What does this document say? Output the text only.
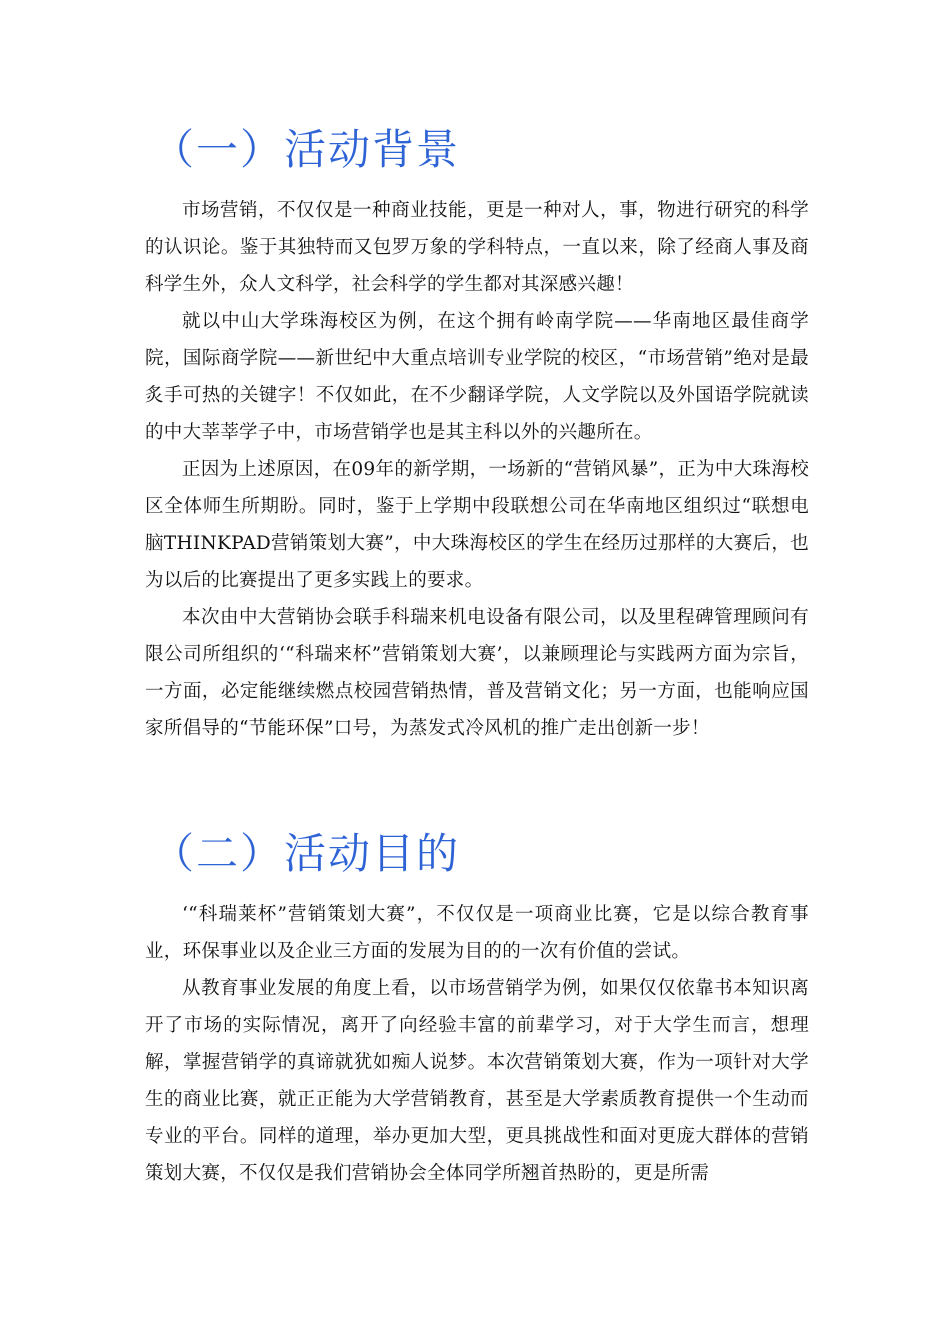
（一）活动背景

市场营销，不仅仅是一种商业技能，更是一种对人，事，物进行研究的科学的认识论。鉴于其独特而又包罗万象的学科特点，一直以来，除了经商人事及商科学生外，众人文科学，社会科学的学生都对其深感兴趣！

就以中山大学珠海校区为例，在这个拥有岭南学院——华南地区最佳商学院，国际商学院——新世纪中大重点培训专业学院的校区，“市场营销”绝对是最炙手可热的关键字！不仅如此，在不少翻译学院，人文学院以及外国语学院就读的中大莘莘学子中，市场营销学也是其主科以外的兴趣所在。

正因为上述原因，在09年的新学期，一场新的“营销风暴”，正为中大珠海校区全体师生所期盼。同时，鉴于上学期中段联想公司在华南地区组织过“联想电脑THINKPAD营销策划大赛”，中大珠海校区的学生在经历过那样的大赛后，也为以后的比赛提出了更多实践上的要求。

本次由中大营销协会联手科瑞来机电设备有限公司，以及里程碑管理顾问有限公司所组织的‘“科瑞来杯”营销策划大赛’，以兼顾理论与实践两方面为宗旨，一方面，必定能继续燃点校园营销热情，普及营销文化；另一方面，也能响应国家所倡导的“节能环保”口号，为蒸发式冷风机的推广走出创新一步！

（二）活动目的

‘“科瑞莱杯”营销策划大赛”，不仅仅是一项商业比赛，它是以综合教育事业，环保事业以及企业三方面的发展为目的的一次有价值的尝试。

从教育事业发展的角度上看，以市场营销学为例，如果仅仅依靠书本知识离开了市场的实际情况，离开了向经验丰富的前辈学习，对于大学生而言，想理解，掌握营销学的真谛就犹如痴人说梦。本次营销策划大赛，作为一项针对大学生的商业比赛，就正正能为大学营销教育，甚至是大学素质教育提供一个生动而专业的平台。同样的道理，举办更加大型，更具挑战性和面对更庞大群体的营销策划大赛，不仅仅是我们营销协会全体同学所翘首热盼的，更是所需
